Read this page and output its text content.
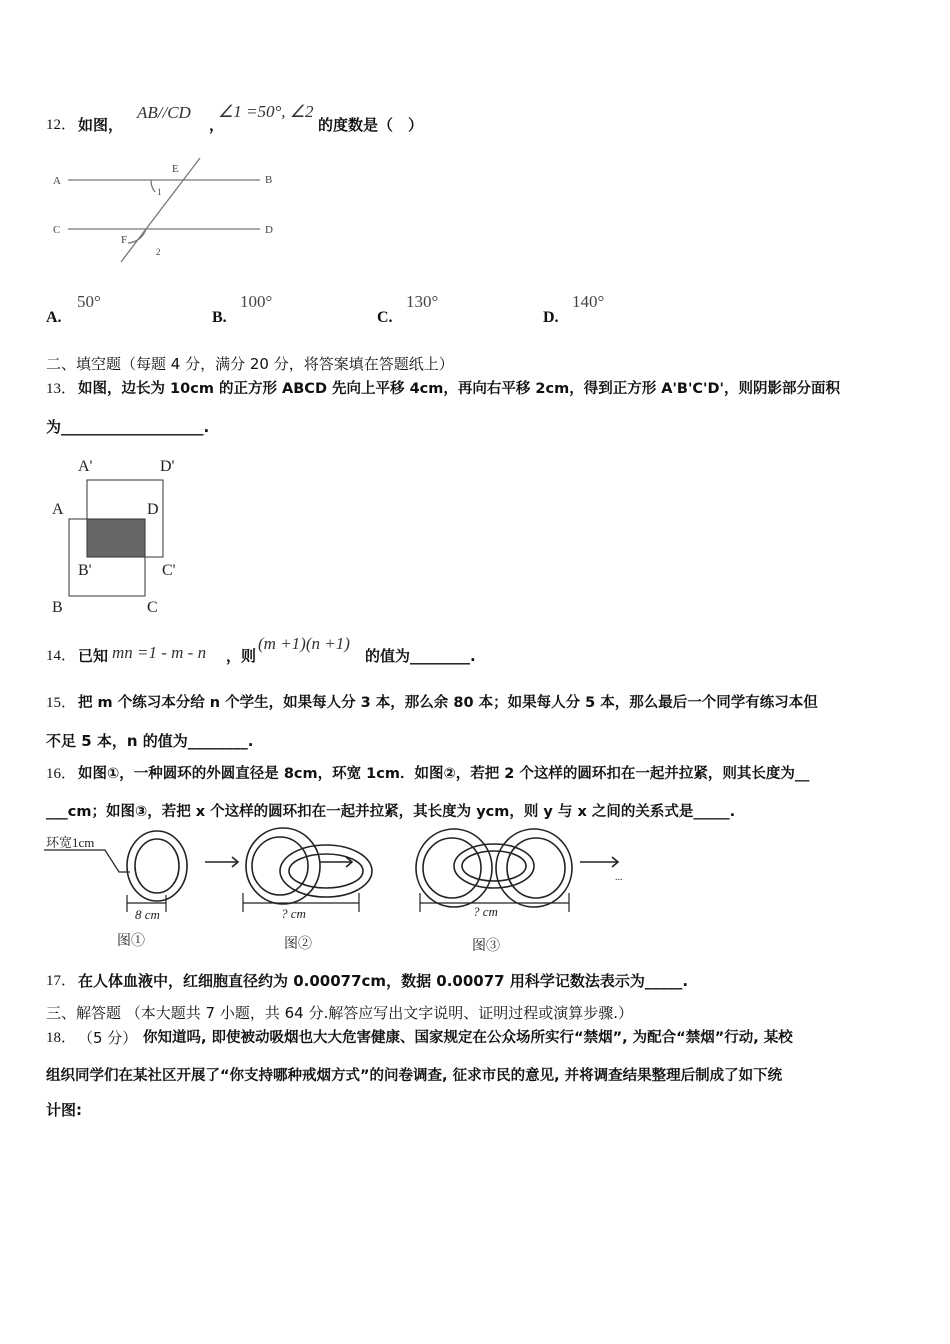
12． 如图，
AB//CD
，
∠1 =50°, ∠2
的度数是（　）
A	B
E
1
C	D
F
2
A'	D'
A	D
B'	C'
B	C
环宽1cm
8 cm	? cm	? cm
图①	图②	图③
...
A.
50°
B.
100°
C.
130°
D.
140°
二、填空题（每题 4 分，满分 20 分，将答案填在答题纸上）
13． 如图，边长为 10cm 的正方形 ABCD 先向上平移 4cm，再向右平移 2cm，得到正方形 A'B'C'D'，则阴影部分面积
为___________________.
14． 已知 mn =1 - m - n ，则
(m +1)(n +1)
的值为________.
15． 把 m 个练习本分给 n 个学生，如果每人分 3 本，那么余 80 本；如果每人分 5 本，那么最后一个同学有练习本但
不足 5 本，n 的值为________.
16． 如图①，一种圆环的外圆直径是 8cm，环宽 1cm．如图②，若把 2 个这样的圆环扣在一起并拉紧，则其长度为__
___cm；如图③，若把 x 个这样的圆环扣在一起并拉紧，其长度为 ycm，则 y 与 x 之间的关系式是_____.
17． 在人体血液中，红细胞直径约为 0.00077cm，数据 0.00077 用科学记数法表示为_____.
三、解答题 （本大题共 7 小题，共 64 分.解答应写出文字说明、证明过程或演算步骤.）
18． （5 分） 你知道吗, 即使被动吸烟也大大危害健康、国家规定在公众场所实行“禁烟”, 为配合“禁烟”行动, 某校
组织同学们在某社区开展了“你支持哪种戒烟方式”的问卷调查, 征求市民的意见, 并将调查结果整理后制成了如下统
计图:
